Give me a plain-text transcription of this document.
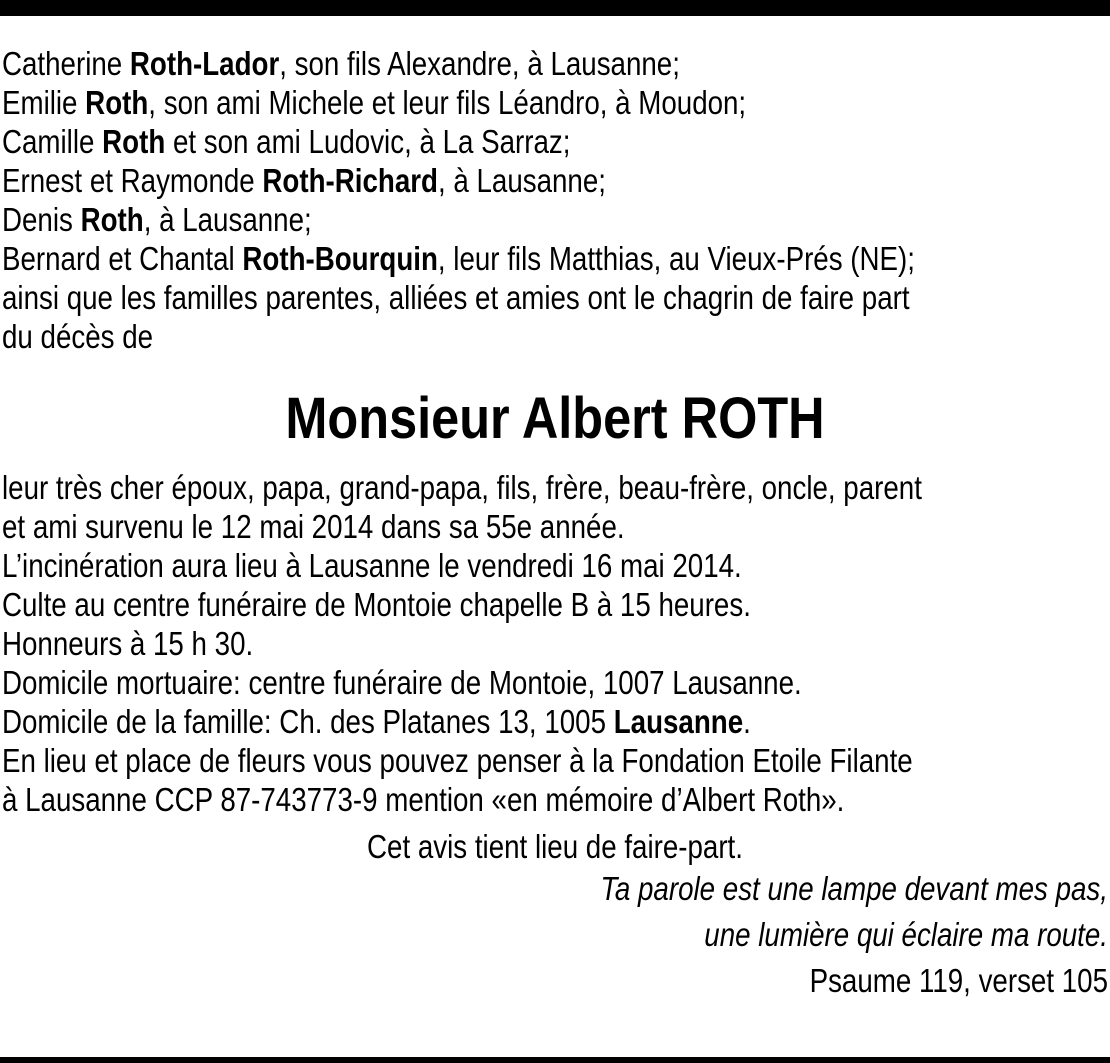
Catherine Roth-Lador, son fils Alexandre, à Lausanne;
Emilie Roth, son ami Michele et leur fils Léandro, à Moudon;
Camille Roth et son ami Ludovic, à La Sarraz;
Ernest et Raymonde Roth-Richard, à Lausanne;
Denis Roth, à Lausanne;
Bernard et Chantal Roth-Bourquin, leur fils Matthias, au Vieux-Prés (NE);
ainsi que les familles parentes, alliées et amies ont le chagrin de faire part
du décès de
Monsieur Albert ROTH
leur très cher époux, papa, grand-papa, fils, frère, beau-frère, oncle, parent
et ami survenu le 12 mai 2014 dans sa 55e année.
L’incinération aura lieu à Lausanne le vendredi 16 mai 2014.
Culte au centre funéraire de Montoie chapelle B à 15 heures.
Honneurs à 15 h 30.
Domicile mortuaire: centre funéraire de Montoie, 1007 Lausanne.
Domicile de la famille: Ch. des Platanes 13, 1005 Lausanne.
En lieu et place de fleurs vous pouvez penser à la Fondation Etoile Filante
à Lausanne CCP 87-743773-9 mention «en mémoire d’Albert Roth».
Cet avis tient lieu de faire-part.
Ta parole est une lampe devant mes pas,
une lumière qui éclaire ma route.
Psaume 119, verset 105
